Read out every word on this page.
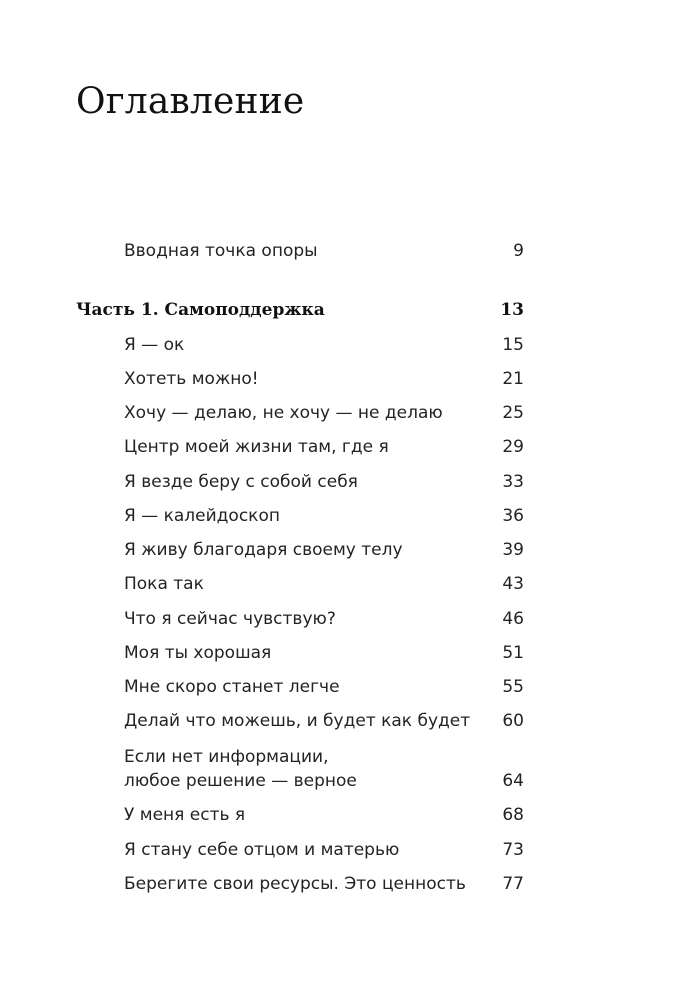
Оглавление
Вводная точка опоры	9
Часть 1. Самоподдержка	13
Я — ок	15
Хотеть можно!	21
Хочу — делаю, не хочу — не делаю	25
Центр моей жизни там, где я	29
Я везде беру с собой себя	33
Я — калейдоскоп	36
Я живу благодаря своему телу	39
Пока так	43
Что я сейчас чувствую?	46
Моя ты хорошая	51
Мне скоро станет легче	55
Делай что можешь, и будет как будет	60
Если нет информации,
любое решение — верное	64
У меня есть я	68
Я стану себе отцом и матерью	73
Берегите свои ресурсы. Это ценность	77
